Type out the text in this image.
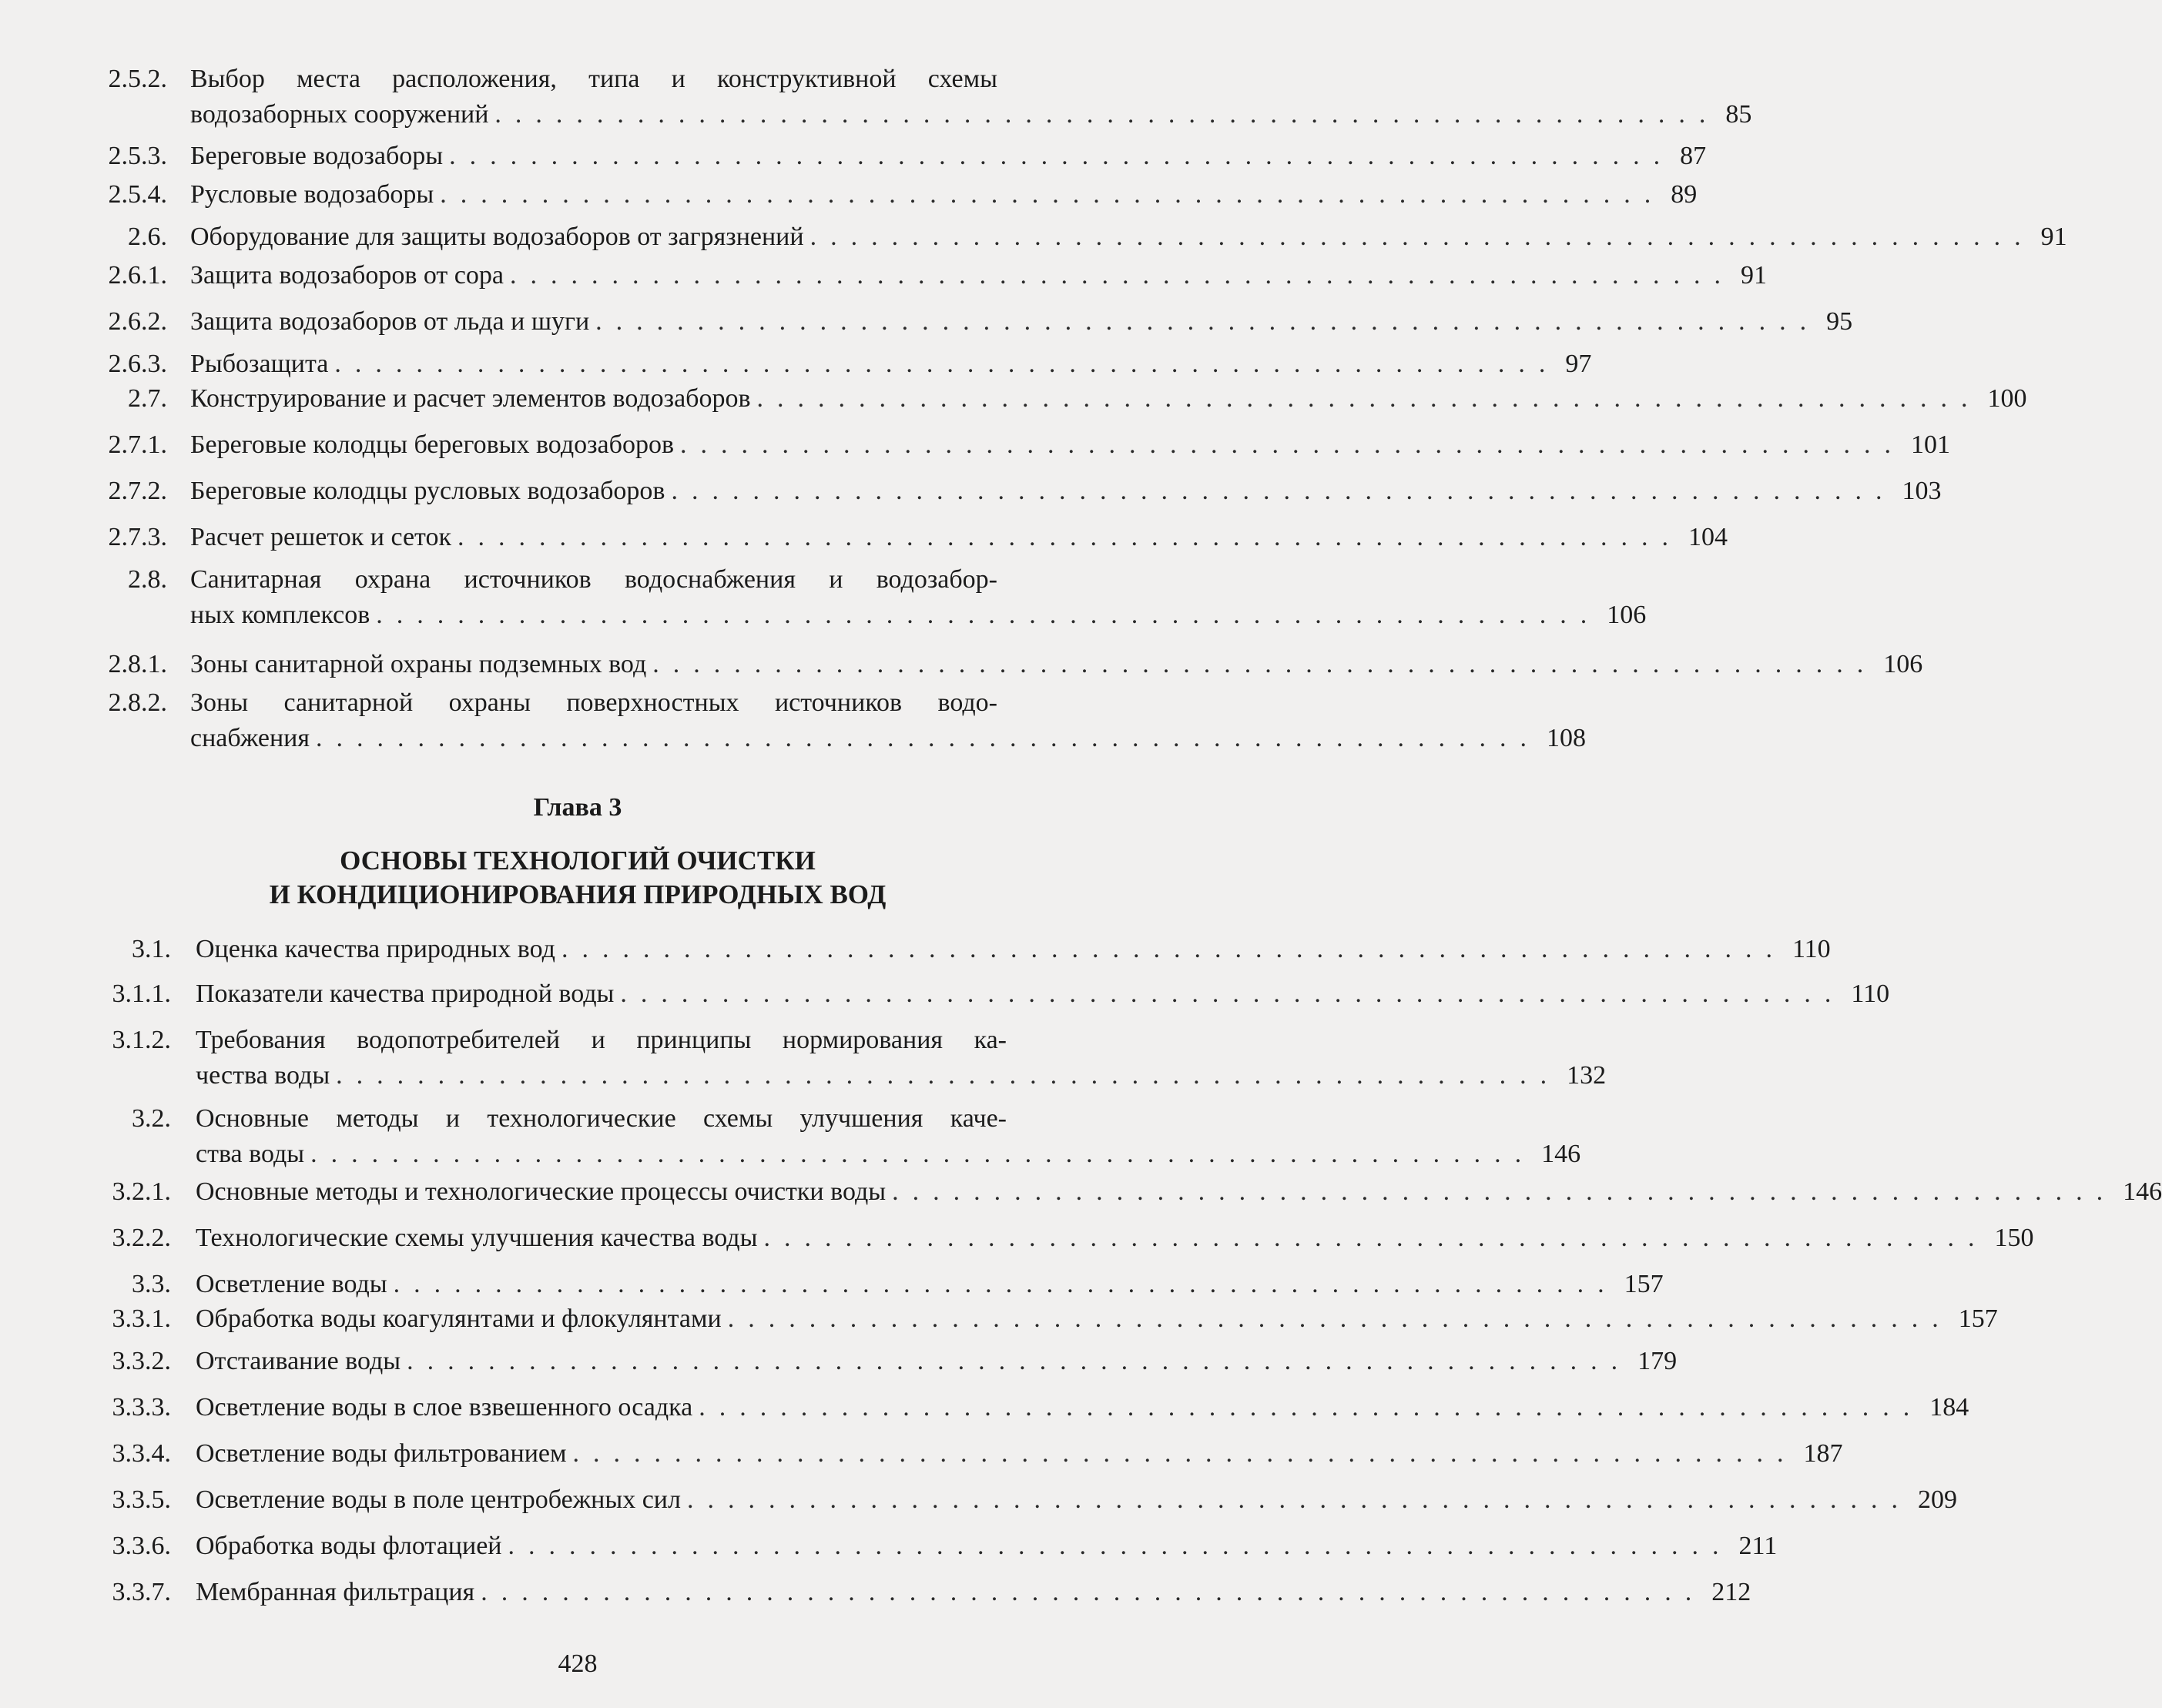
2.5.2. Выбор места расположения, типа и конструктивной схемы
водозаборных сооружений ............................................................ 85
2.5.3. Береговые водозаборы ............................................................ 87
2.5.4. Русловые водозаборы ............................................................ 89
2.6. Оборудование для защиты водозаборов от загрязнений ............................................................ 91
2.6.1. Защита водозаборов от сора ............................................................ 91
2.6.2. Защита водозаборов от льда и шуги ............................................................ 95
2.6.3. Рыбозащита ............................................................ 97
2.7. Конструирование и расчет элементов водозаборов ............................................................ 100
2.7.1. Береговые колодцы береговых водозаборов ............................................................ 101
2.7.2. Береговые колодцы русловых водозаборов ............................................................ 103
2.7.3. Расчет решеток и сеток ............................................................ 104
2.8. Санитарная охрана источников водоснабжения и водозабор-
ных комплексов ............................................................ 106
2.8.1. Зоны санитарной охраны подземных вод ............................................................ 106
2.8.2. Зоны санитарной охраны поверхностных источников водо-
снабжения ............................................................ 108
Глава 3
ОСНОВЫ ТЕХНОЛОГИЙ ОЧИСТКИ
И КОНДИЦИОНИРОВАНИЯ ПРИРОДНЫХ ВОД
3.1. Оценка качества природных вод ............................................................ 110
3.1.1. Показатели качества природной воды ............................................................ 110
3.1.2. Требования водопотребителей и принципы нормирования ка-
чества воды ............................................................ 132
3.2. Основные методы и технологические схемы улучшения каче-
ства воды ............................................................ 146
3.2.1. Основные методы и технологические процессы очистки воды ............................................................ 146
3.2.2. Технологические схемы улучшения качества воды ............................................................ 150
3.3. Осветление воды ............................................................ 157
3.3.1. Обработка воды коагулянтами и флокулянтами ............................................................ 157
3.3.2. Отстаивание воды ............................................................ 179
3.3.3. Осветление воды в слое взвешенного осадка ............................................................ 184
3.3.4. Осветление воды фильтрованием ............................................................ 187
3.3.5. Осветление воды в поле центробежных сил ............................................................ 209
3.3.6. Обработка воды флотацией ............................................................ 211
3.3.7. Мембранная фильтрация ............................................................ 212
428
